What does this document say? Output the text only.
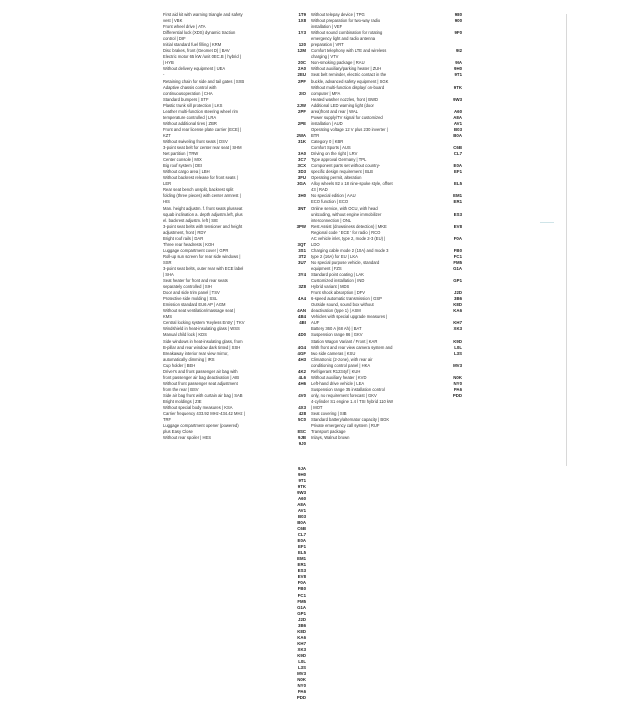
First aid kit with warning triangle and safety
vest | VBK
Front wheel drive | ATA
Differential lock (XDS) dynamic traction
control | DIF
Initial standard fuel filling | KRM
Disc brakes, front (Geomet D) | BAV
Electric motor 65 kW /unit 0EC.B ( hybrid )
| HYB
Without delivery equipment | UEA
-
Retaining chain for side and tail gates | SXB
Adaptive chassis control with
continuousoperation | CHA
Standard bumpers | STF
Plastic trunk sill protection | LKS
Leather multi-function steering wheel rim
temperature controlled | LRA
Without additional tires | ZBR
Front and rear license plate carrier (ECE) |
KZT
Without swiveling front seats | DSV
3-point seat belt for center rear seat | SHM
Net partition | TRW
Center console | MIX
Big roof system | DEI
Without cargo area | LBH
Without backrest release for front seats |
LER
Rear seat bench unsplit, backrest split
folding (three pieces) with center armrest |
HIS
Man. height adjustm. f. front seats plusseat
squab inclination a. depth adjustm.left, plus
el. backrest adjustm. left | SIE
3-point seat belts with tensioner and height
adjustment, front | RDY
Bright roof rails | DAR
Three rear headrests | KOH
Luggage compartment cover | GPR
Roll-up sun screen for rear side windows |
SSR
3-point seat belts, outer rear with ECE label
| SHA
Seat heater for front and rear seats
separately controlled | SIH
Door and side trim panel | TSV
Protective side molding | SSL
Emission standard EU6 AP | AGM
Without seat ventilation/massage seat |
KMS
Central locking system 'Keyless Entry' | TKV
Windshield in heat-insulating glass | WSS
Manual child lock | KDS
Side windows in heat-insulating glass, from
B-pillar and rear window dark tinted | SSH
Breakaway interior rear view mirror,
automatically dimming | IRS
Cup holder | BEH
Driver's and front passenger air bag with
front passenger air bag deactivation | AIB
Without front passenger seat adjustment
from the rear | BSV
Side air bag front with curtain air bag | SAB
Bright moldings | ZIE
Without special body measures | KSA
Carrier frequency 433.92 MHz-434.42 MHz |
TRF
Luggage compartment opener (powered)
plus Easy Close
Without rear spoiler | HES
1T9
1X8
1Y3
120
12M
20C
2A0
2EU
2PF
2IO
2JW
2PF
2PE
2WA
31K
3A0
3C7
3CX
3D3
3FU
3GA
3H0
3NT
3PW
3QT
3S1
3T2
3U7
3Y4
3Z8
4A4
4AN
4B4
4BI
4D0
4G4
4GF
4H3
4K2
4L6
4H6
4V0
4X3
428
5C0
8SC
9JB
9J0
9JA
9H0
9T1
9TK
9W3
A60
A8A
AV1
B03
B0A
C6B
CL7
E0A
EF1
EL5
EM1
ER1
ES3
EV8
F0A
FB0
FC1
FM5
G1A
GP1
J2D
3B6
K8D
KA6
KH7
XK3
K9D
L0L
L3S
MV3
N0K
NY0
PA6
PDD
Without telepay device | TPG
Without preparation for two-way radio
installation | VEF
Without sound combination for rotating
emergency light and radio antenna
preparation | VRT
Comfort telephony with LTE and wireless
charging | VTV
Non-smoking package | RAU
Without auxiliary/parking heater | ZUH
Seat belt reminder, electric contact in the
buckle, advanced safety equipment | SGK
Without multi-function display/ on-board
computer | MFA
Heated washer nozzles, front | BWD
Additional LED warning light (door
area)front and rear | WAL
Power supply/TV signal for customized
installation | AUD
Operating voltage 12 V plus 230 inverter |
BTR
Category 0 | KBR
Comfort Sports | AUS
Driving on the right | LRV
Type approval Germany | TPL
Component parts set without country-
specific design requirement | BLB
Operating permit, alteration
Alloy wheels 82 x 18 nine-spoke style, offset
43 | RAD
No special edition | AAU
ECO function | ECO
Online service, with OCU, with head
unitcoding, without engine immobilizer
interconnection | ONL
Rest Assist (drowsiness detection) | MKE
Regional code ' ECE ' for radio | RCO
AC vehicle inlet, type 2, mode 2-3 (EU) |
LDO
Charging cable mode 2 (10A) and mode 3
type 2 (16A) for EU | LKA
No special purpose vehicle, standard
equipment | FZS
Standard point coating | LAK
Customized installation | IND
Hybrid variant | MDS
Front shock absorption | DFV
6-speed automatic transmission | GSP
Outside sound, sound box without
deactivation (type 1) | ASM
Vehicles with special upgrade measures |
AUF
Battery 360 A (68 Ah) | BAT
Suspension range 86 | GKV
Station Wagon Variant / Front | KAR
With front and rear view camera system and
two side cameras | KSU
Climatronic (2-zone), with rear air
conditioning control panel | HKA
Refrigerant R1234yf | KUH
Without auxiliary heater | KVD
Left-hand drive vehicle | LEA
Suspension range 35 installation control
only, no requirement forecast | GKV
4-cylinder S1 engine 1.4 l TSI hybrid 110 kW
| MOT
Seat covering | SIB
Standard battery/alternator capacity | BGK
Private emergency call system | RUF
Transport package
Inlays, Walnut brown
980
900
9F0
9I2
9IA
9H0
9T1
9TK
9W3
A60
A8A
AV1
B03
B0A
C6B
CL7
E0A
EF1
EL5
EM1
ER1
ES3
EV8
F0A
FB0
FC1
FM5
G1A
GP1
J2D
3B6
K8D
KA6
KH7
XK3
K9D
L0L
L3S
MV3
N0K
NY0
PA6
PDD
